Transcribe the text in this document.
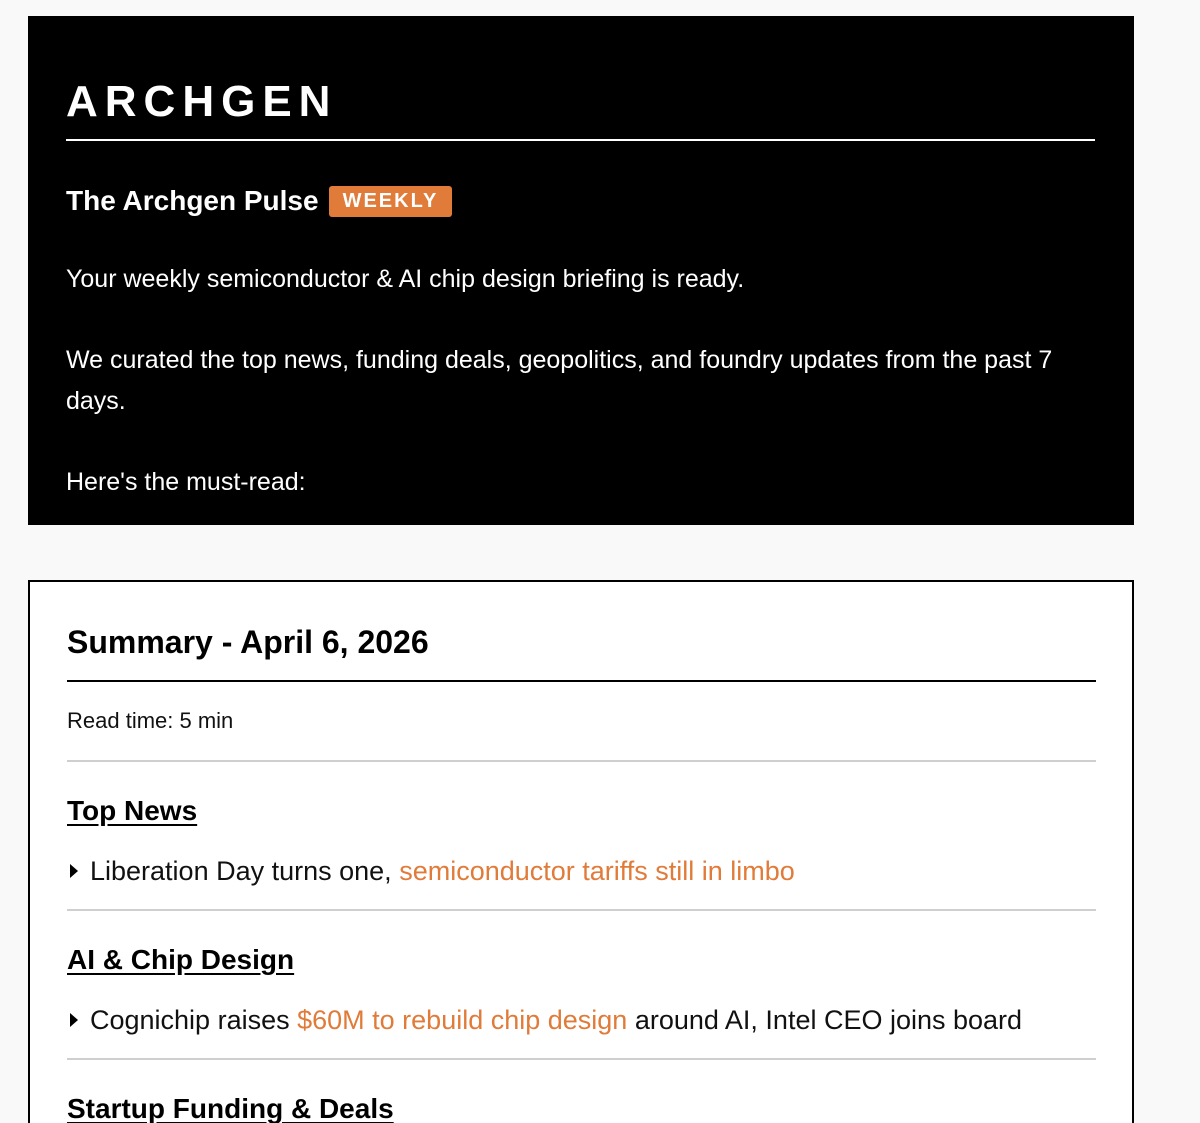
ARCHGEN
The Archgen Pulse	WEEKLY

Your weekly semiconductor & AI chip design briefing is ready.

We curated the top news, funding deals, geopolitics, and foundry updates from the past 7 days.

Here's the must-read:

Summary - April 6, 2026
Read time: 5 min
Top News
Liberation Day turns one, semiconductor tariffs still in limbo
AI & Chip Design
Cognichip raises $60M to rebuild chip design around AI, Intel CEO joins board
Startup Funding & Deals
